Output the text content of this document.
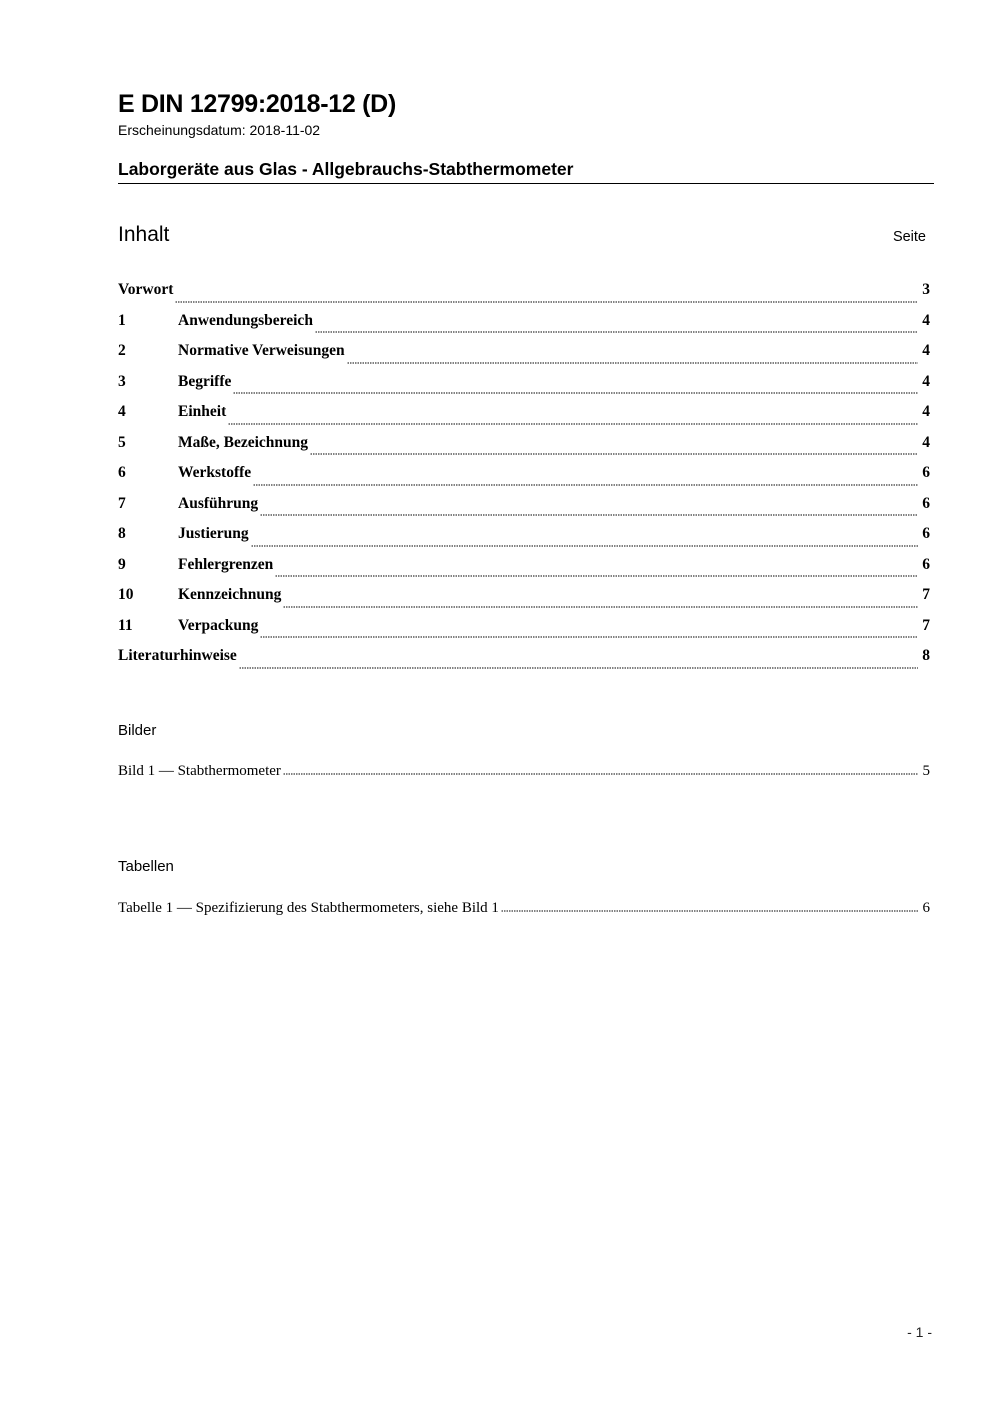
E DIN 12799:2018-12 (D)
Erscheinungsdatum: 2018-11-02
Laborgeräte aus Glas - Allgebrauchs-Stabthermometer
Inhalt	Seite
Vorwort	3
1	Anwendungsbereich	4
2	Normative Verweisungen	4
3	Begriffe	4
4	Einheit	4
5	Maße, Bezeichnung	4
6	Werkstoffe	6
7	Ausführung	6
8	Justierung	6
9	Fehlergrenzen	6
10	Kennzeichnung	7
11	Verpackung	7
Literaturhinweise	8
Bilder
Bild 1 — Stabthermometer	5
Tabellen
Tabelle 1 — Spezifizierung des Stabthermometers, siehe Bild 1	6
- 1 -
